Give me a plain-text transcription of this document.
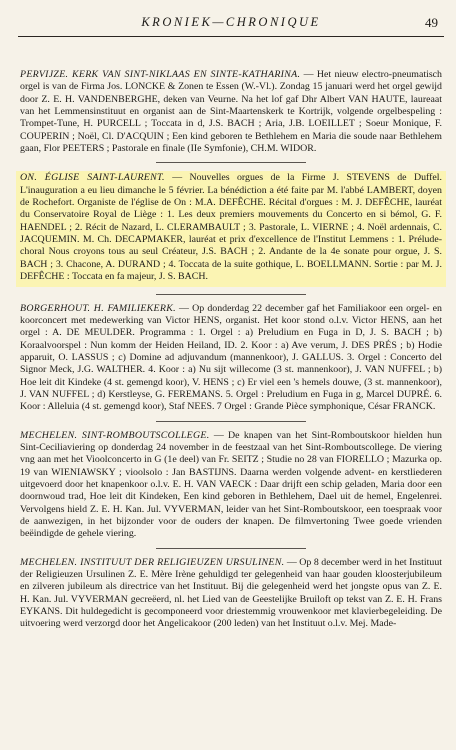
KRONIEK—CHRONIQUE	49

PERVIJZE. KERK VAN SINT-NIKLAAS EN SINTE-KATHARINA. — Het nieuw electro-pneumatisch orgel is van de Firma Jos. LONCKE & Zonen te Essen (W.-Vl.). Zondag 15 januari werd het orgel gewijd door Z. E. H. VANDENBERGHE, deken van Veurne. Na het lof gaf Dhr Albert VAN HAUTE, laureaat van het Lemmensinstituut en organist aan de Sint-Maartenskerk te Kortrijk, volgende orgelbespeling : Trompet-Tune, H. PURCELL ; Toccata in d, J.S. BACH ; Aria, J.B. LOEILLET ; Soeur Monique, F. COUPERIN ; Noël, Cl. D'ACQUIN ; Een kind geboren te Bethlehem en Maria die soude naar Bethlehem gaan, Flor PEETERS ; Pastorale en finale (IIe Symfonie), CH.M. WIDOR.

ON. ÉGLISE SAINT-LAURENT. — Nouvelles orgues de la Firme J. STEVENS de Duffel. L'inauguration a eu lieu dimanche le 5 février. La bénédiction a été faite par M. l'abbé LAMBERT, doyen de Rochefort. Organiste de l'église de On : M.A. DEFÊCHE. Récital d'orgues : M. J. DEFÊCHE, lauréat du Conservatoire Royal de Liège : 1. Les deux premiers mouvements du Concerto en si bémol, G. F. HAENDEL ; 2. Récit de Nazard, L. CLERAMBAULT ; 3. Pastorale, L. VIERNE ; 4. Noël ardennais, C. JACQUEMIN. M. Ch. DECAPMAKER, lauréat et prix d'excellence de l'Institut Lemmens : 1. Prélude-choral Nous croyons tous au seul Créateur, J.S. BACH ; 2. Andante de la 4e sonate pour orgue, J. S. BACH ; 3. Chacone, A. DURAND ; 4. Toccata de la suite gothique, L. BOELLMANN. Sortie : par M. J. DEFÊCHE : Toccata en fa majeur, J. S. BACH.

BORGERHOUT. H. FAMILIEKERK. — Op donderdag 22 december gaf het Familiakoor een orgel- en koorconcert met medewerking van Victor HENS, organist. Het koor stond o.l.v. Victor HENS, aan het orgel : A. DE MEULDER. Programma : 1. Orgel : a) Preludium en Fuga in D, J. S. BACH ; b) Koraalvoorspel : Nun komm der Heiden Heiland, ID. 2. Koor : a) Ave verum, J. DES PRÉS ; b) Hodie apparuit, O. LASSUS ; c) Domine ad adjuvandum (mannenkoor), J. GALLUS. 3. Orgel : Concerto del Signor Meck, J.G. WALTHER. 4. Koor : a) Nu sijt willecome (3 st. mannenkoor), J. VAN NUFFEL ; b) Hoe leit dit Kindeke (4 st. gemengd koor), V. HENS ; c) Er viel een 's hemels douwe, (3 st. mannenkoor), J. VAN NUFFEL ; d) Kerstleyse, G. FEREMANS. 5. Orgel : Preludium en Fuga in g, Marcel DUPRÉ. 6. Koor : Alleluia (4 st. gemengd koor), Staf NEES. 7 Orgel : Grande Pièce symphonique, César FRANCK.

MECHELEN. SINT-ROMBOUTSCOLLEGE. — De knapen van het Sint-Romboutskoor hielden hun Sint-Ceciliaviering op donderdag 24 november in de feestzaal van het Sint-Romboutscollege. De viering vng aan met het Vioolconcerto in G (1e deel) van Fr. SEITZ ; Studie no 28 van FIORELLO ; Mazurka op. 19 van WIENIAWSKY ; vioolsolo : Jan BASTIJNS. Daarna werden volgende advent- en kerstliederen uitgevoerd door het knapenkoor o.l.v. E. H. VAN VAECK : Daar drijft een schip geladen, Maria door een doornwoud trad, Hoe leit dit Kindeken, Een kind geboren in Bethlehem, Dael uit de hemel, Engelenrei. Vervolgens hield Z. E. H. Kan. Jul. VYVERMAN, leider van het Sint-Romboutskoor, een toespraak voor de aanwezigen, in het bijzonder voor de ouders der knapen. De filmvertoning Twee goede vrienden beëindigde de gehele viering.

MECHELEN. INSTITUUT DER RELIGIEUZEN URSULINEN. — Op 8 december werd in het Instituut der Religieuzen Ursulinen Z. E. Mère Irène gehuldigd ter gelegenheid van haar gouden kloosterjubileum en zilveren jubileum als directrice van het Instituut. Bij die gelegenheid werd het jongste opus van Z. E. H. Kan. Jul. VYVERMAN gecreëerd, nl. het Lied van de Geestelijke Bruiloft op tekst van Z. E. H. Frans EYKANS. Dit huldegedicht is gecomponeerd voor driestemmig vrouwenkoor met klavierbegeleiding. De uitvoering werd verzorgd door het Angelicakoor (200 leden) van het Instituut o.l.v. Mej. Made-
